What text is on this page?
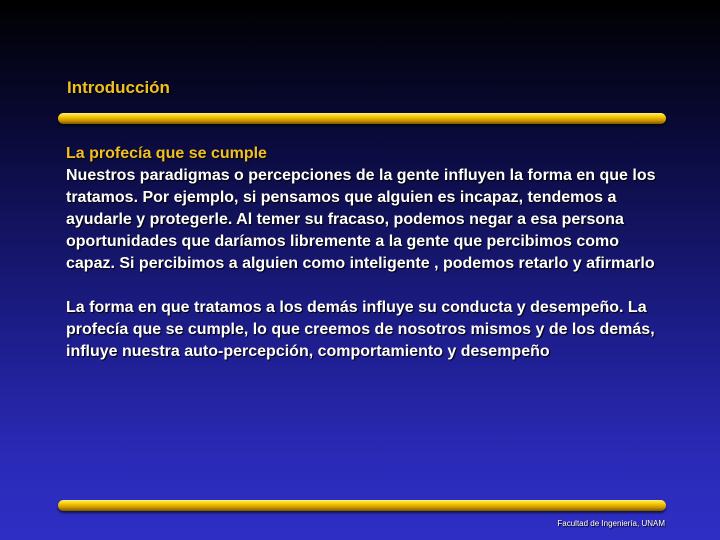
Introducción
La profecía que se cumple
Nuestros paradigmas o percepciones de la gente influyen la forma en que los tratamos. Por ejemplo, si pensamos que alguien es incapaz, tendemos a ayudarle y protegerle. Al temer su fracaso, podemos negar a esa persona oportunidades que daríamos libremente a la gente que percibimos como capaz. Si percibimos a alguien como inteligente , podemos retarlo y afirmarlo
La forma en que tratamos a los demás influye su conducta y desempeño. La profecía que se cumple, lo que creemos de nosotros mismos y de los demás, influye nuestra auto-percepción, comportamiento y desempeño
Facultad de Ingeniería, UNAM
